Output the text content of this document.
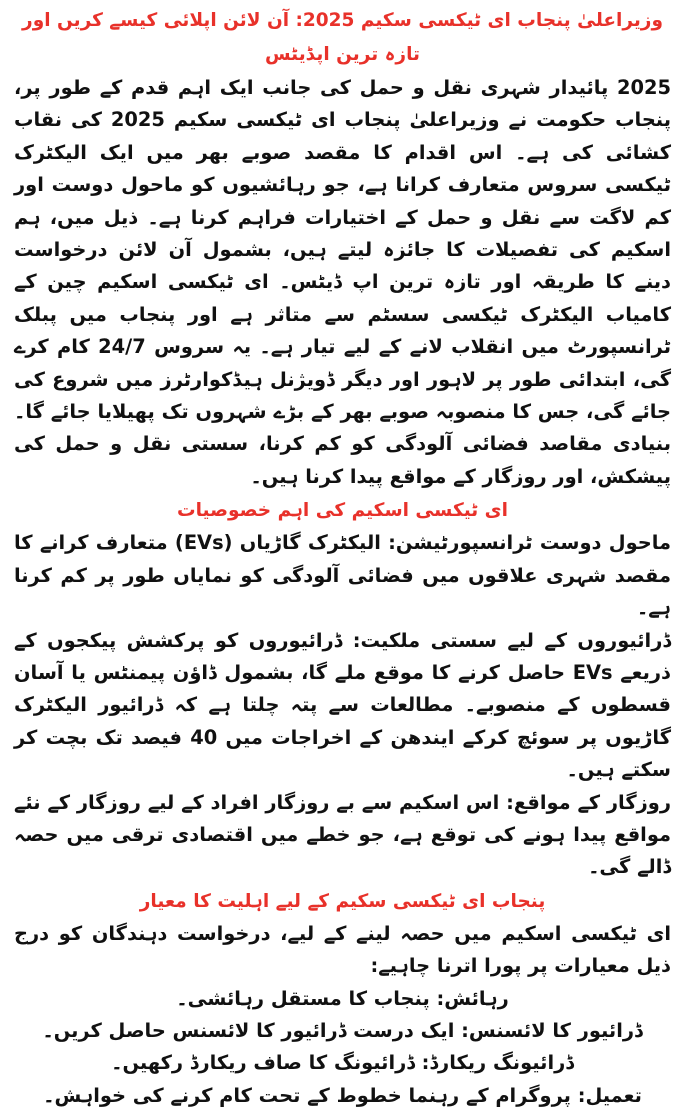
وزیراعلیٰ پنجاب ای ٹیکسی سکیم 2025: آن لائن اپلائی کیسے کریں اور تازہ ترین اپڈیٹس

2025 پائیدار شہری نقل و حمل کی جانب ایک اہم قدم کے طور پر، پنجاب حکومت نے وزیراعلیٰ پنجاب ای ٹیکسی سکیم 2025 کی نقاب کشائی کی ہے۔ اس اقدام کا مقصد صوبے بھر میں ایک الیکٹرک ٹیکسی سروس متعارف کرانا ہے، جو رہائشیوں کو ماحول دوست اور کم لاگت سے نقل و حمل کے اختیارات فراہم کرنا ہے۔ ذیل میں، ہم اسکیم کی تفصیلات کا جائزہ لیتے ہیں، بشمول آن لائن درخواست دینے کا طریقہ اور تازہ ترین اپ ڈیٹس۔ ای ٹیکسی اسکیم چین کے کامیاب الیکٹرک ٹیکسی سسٹم سے متاثر ہے اور پنجاب میں پبلک ٹرانسپورٹ میں انقلاب لانے کے لیے تیار ہے۔ یہ سروس 24/7 کام کرے گی، ابتدائی طور پر لاہور اور دیگر ڈویژنل ہیڈکوارٹرز میں شروع کی جائے گی، جس کا منصوبہ صوبے بھر کے بڑے شہروں تک پھیلایا جائے گا۔ بنیادی مقاصد فضائی آلودگی کو کم کرنا، سستی نقل و حمل کی پیشکش، اور روزگار کے مواقع پیدا کرنا ہیں۔

ای ٹیکسی اسکیم کی اہم خصوصیات

ماحول دوست ٹرانسپورٹیشن: الیکٹرک گاڑیاں (EVs) متعارف کرانے کا مقصد شہری علاقوں میں فضائی آلودگی کو نمایاں طور پر کم کرنا ہے۔

ڈرائیوروں کے لیے سستی ملکیت: ڈرائیوروں کو پرکشش پیکجوں کے ذریعے EVs حاصل کرنے کا موقع ملے گا، بشمول ڈاؤن پیمنٹس یا آسان قسطوں کے منصوبے۔ مطالعات سے پتہ چلتا ہے کہ ڈرائیور الیکٹرک گاڑیوں پر سوئچ کرکے ایندھن کے اخراجات میں 40 فیصد تک بچت کر سکتے ہیں۔

روزگار کے مواقع: اس اسکیم سے بے روزگار افراد کے لیے روزگار کے نئے مواقع پیدا ہونے کی توقع ہے، جو خطے میں اقتصادی ترقی میں حصہ ڈالے گی۔

پنجاب ای ٹیکسی سکیم کے لیے اہلیت کا معیار

ای ٹیکسی اسکیم میں حصہ لینے کے لیے، درخواست دہندگان کو درج ذیل معیارات پر پورا اترنا چاہیے:

رہائش: پنجاب کا مستقل رہائشی۔

ڈرائیور کا لائسنس: ایک درست ڈرائیور کا لائسنس حاصل کریں۔

ڈرائیونگ ریکارڈ: ڈرائیونگ کا صاف ریکارڈ رکھیں۔

تعمیل: پروگرام کے رہنما خطوط کے تحت کام کرنے کی خواہش۔
